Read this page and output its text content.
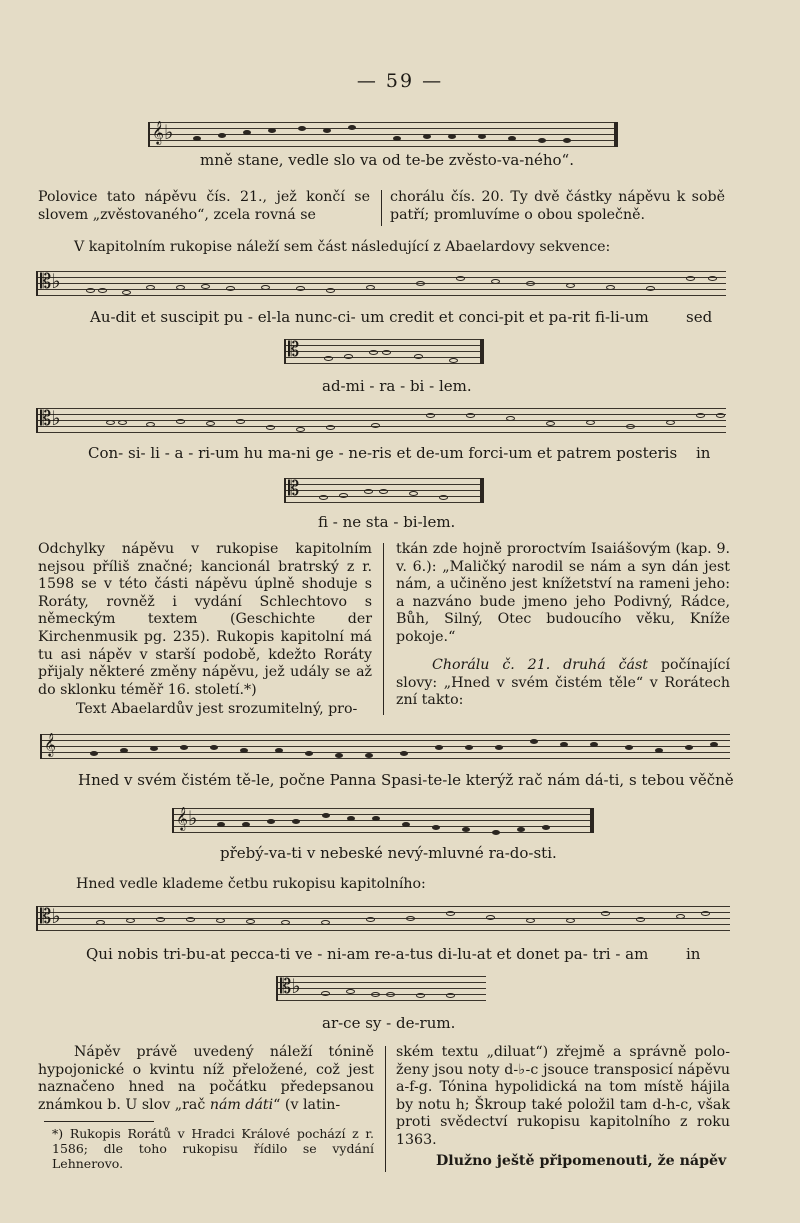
— 59 —
𝄞♭
mně stane, vedle slo va od te-be zvěsto-va-ného“.
Polovice tato nápěvu čís. 21., jež končí se slovem „zvěstovaného“, zcela rovná se
chorálu čís. 20. Ty dvě částky nápěvu k sobě patří; promluvíme o obou společně.
V kapitolním rukopise náleží sem část následující z Abaelardovy sekvence:
𝄡♭
Au-dit et suscipit pu - el-la nunc-ci- um credit et conci-pit et pa-rit fi-li-um sed
𝄡
ad-mi - ra - bi - lem.
𝄡♭
Con- si- li - a - ri-um hu ma-ni ge - ne-ris et de-um forci-um et patrem posteris in
𝄡
fi - ne sta - bi-lem.
Odchylky nápěvu v rukopise kapitolním nejsou příliš značné; kancionál bratrský z r. 1598 se v této části nápěvu úplně shoduje s Roráty, rovněž i vydání Schlechtovo s německým textem (Geschichte der Kirchenmusik pg. 235). Rukopis kapitolní má tu asi nápěv v starší podobě, kdežto Roráty přijaly některé změny nápěvu, jež udály se až do sklonku téměř 16. století.*)
Text Abaelardův jest srozumitelný, pro-
tkán zde hojně proroctvím Isaiášovým (kap. 9. v. 6.): „Maličký narodil se nám a syn dán jest nám, a učiněno jest knížetství na rameni jeho: a nazváno bude jmeno jeho Podivný, Rádce, Bůh, Silný, Otec budoucího věku, Kníže pokoje.“
Chorálu č. 21. druhá část počínající slovy: „Hned v svém čistém těle“ v Rorátech zní takto:
𝄞
Hned v svém čistém tě-le, počne Panna Spasi-te-le kterýž rač nám dá-ti, s tebou věčně
𝄞♭
přebý-va-ti v nebeské nevý-mluvné ra-do-sti.
Hned vedle klademe četbu rukopisu kapitolního:
𝄡♭
Qui nobis tri-bu-at pecca-ti ve - ni-am re-a-tus di-lu-at et donet pa- tri - am	in
𝄡♭
ar-ce sy - de-rum.
Nápěv právě uvedený náleží tónině hypojonické o kvintu níž přeložené, což jest naznačeno hned na počátku předepsanou známkou b. U slov „rač nám dáti“ (v latin-
*) Rukopis Rorátů v Hradci Králové pochází z r. 1586; dle toho rukopisu řídilo se vydání Lehnerovo.
ském textu „diluat“) zřejmě a správně polo- ženy jsou noty d-♭-c jsouce transposicí nápěvu a-f-g. Tónina hypolidická na tom místě hájila by notu h; Škroup také položil tam d-h-c, však proti svědectví rukopisu kapitolního z roku 1363.
Dlužno ještě připomenouti, že nápěv
